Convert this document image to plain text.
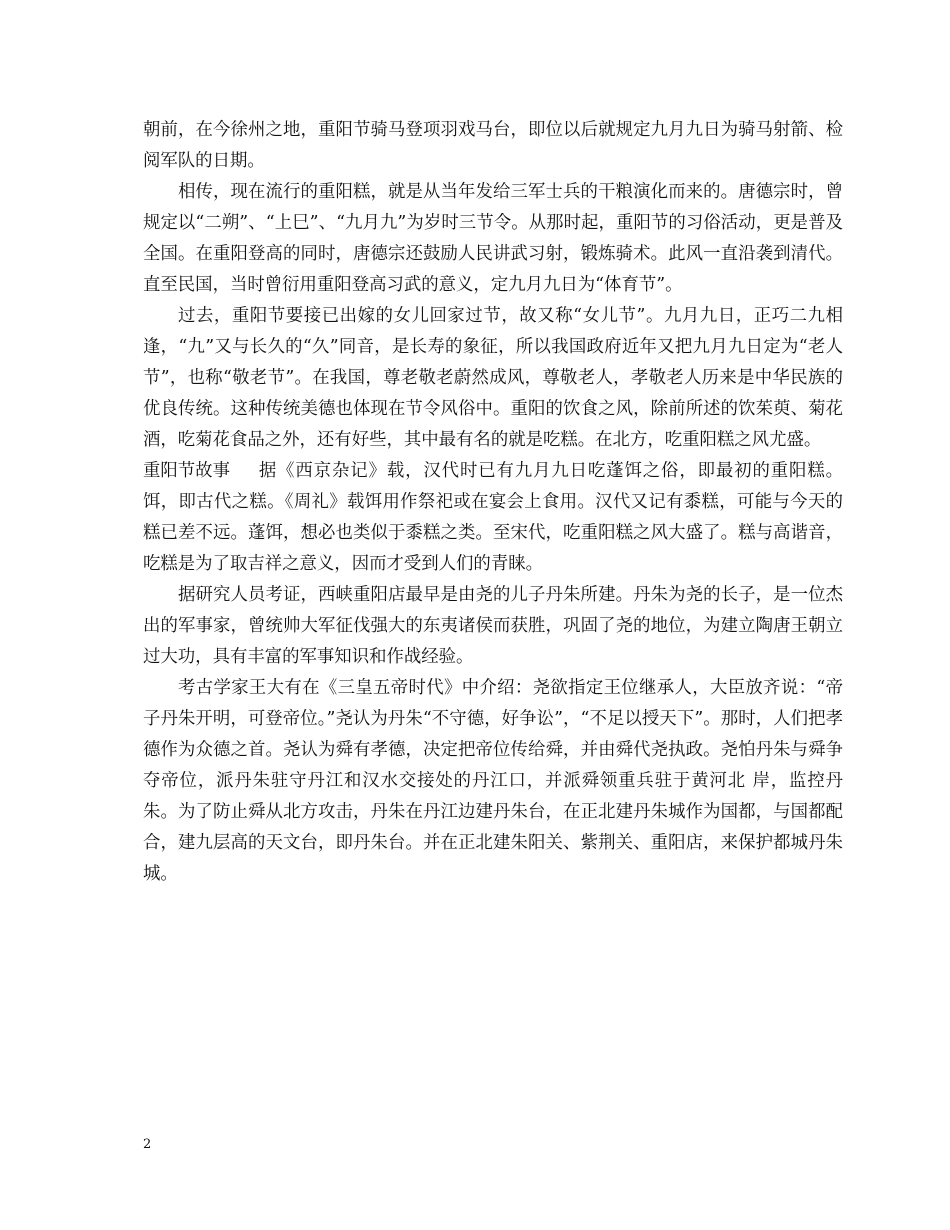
朝前，在今徐州之地，重阳节骑马登项羽戏马台，即位以后就规定九月九日为骑马射箭、检阅军队的日期。

相传，现在流行的重阳糕，就是从当年发给三军士兵的干粮演化而来的。唐德宗时，曾规定以“二朔”、“上巳”、“九月九”为岁时三节令。从那时起，重阳节的习俗活动，更是普及全国。在重阳登高的同时，唐德宗还鼓励人民讲武习射，锻炼骑术。此风一直沿袭到清代。直至民国，当时曾衍用重阳登高习武的意义，定九月九日为“体育节”。

过去，重阳节要接已出嫁的女儿回家过节，故又称“女儿节”。九月九日，正巧二九相逢，“九”又与长久的“久”同音，是长寿的象征，所以我国政府近年又把九月九日定为“老人节”，也称“敬老节”。在我国，尊老敬老蔚然成风，尊敬老人，孝敬老人历来是中华民族的优良传统。这种传统美德也体现在节令风俗中。重阳的饮食之风，除前所述的饮茱萸、菊花酒，吃菊花食品之外，还有好些，其中最有名的就是吃糕。在北方，吃重阳糕之风尤盛。

重阳节故事 据《西京杂记》载，汉代时已有九月九日吃蓬饵之俗，即最初的重阳糕。饵，即古代之糕。《周礼》载饵用作祭祀或在宴会上食用。汉代又记有黍糕，可能与今天的糕已差不远。蓬饵，想必也类似于黍糕之类。至宋代，吃重阳糕之风大盛了。糕与高谐音，吃糕是为了取吉祥之意义，因而才受到人们的青睐。

据研究人员考证，西峡重阳店最早是由尧的儿子丹朱所建。丹朱为尧的长子，是一位杰出的军事家，曾统帅大军征伐强大的东夷诸侯而获胜，巩固了尧的地位，为建立陶唐王朝立过大功，具有丰富的军事知识和作战经验。

考古学家王大有在《三皇五帝时代》中介绍：尧欲指定王位继承人，大臣放齐说：“帝子丹朱开明，可登帝位。”尧认为丹朱“不守德，好争讼”，“不足以授天下”。那时，人们把孝德作为众德之首。尧认为舜有孝德，决定把帝位传给舜，并由舜代尧执政。尧怕丹朱与舜争夺帝位，派丹朱驻守丹江和汉水交接处的丹江口，并派舜领重兵驻于黄河北 岸，监控丹朱。为了防止舜从北方攻击，丹朱在丹江边建丹朱台，在正北建丹朱城作为国都，与国都配合，建九层高的天文台，即丹朱台。并在正北建朱阳关、紫荆关、重阳店，来保护都城丹朱城。

2
